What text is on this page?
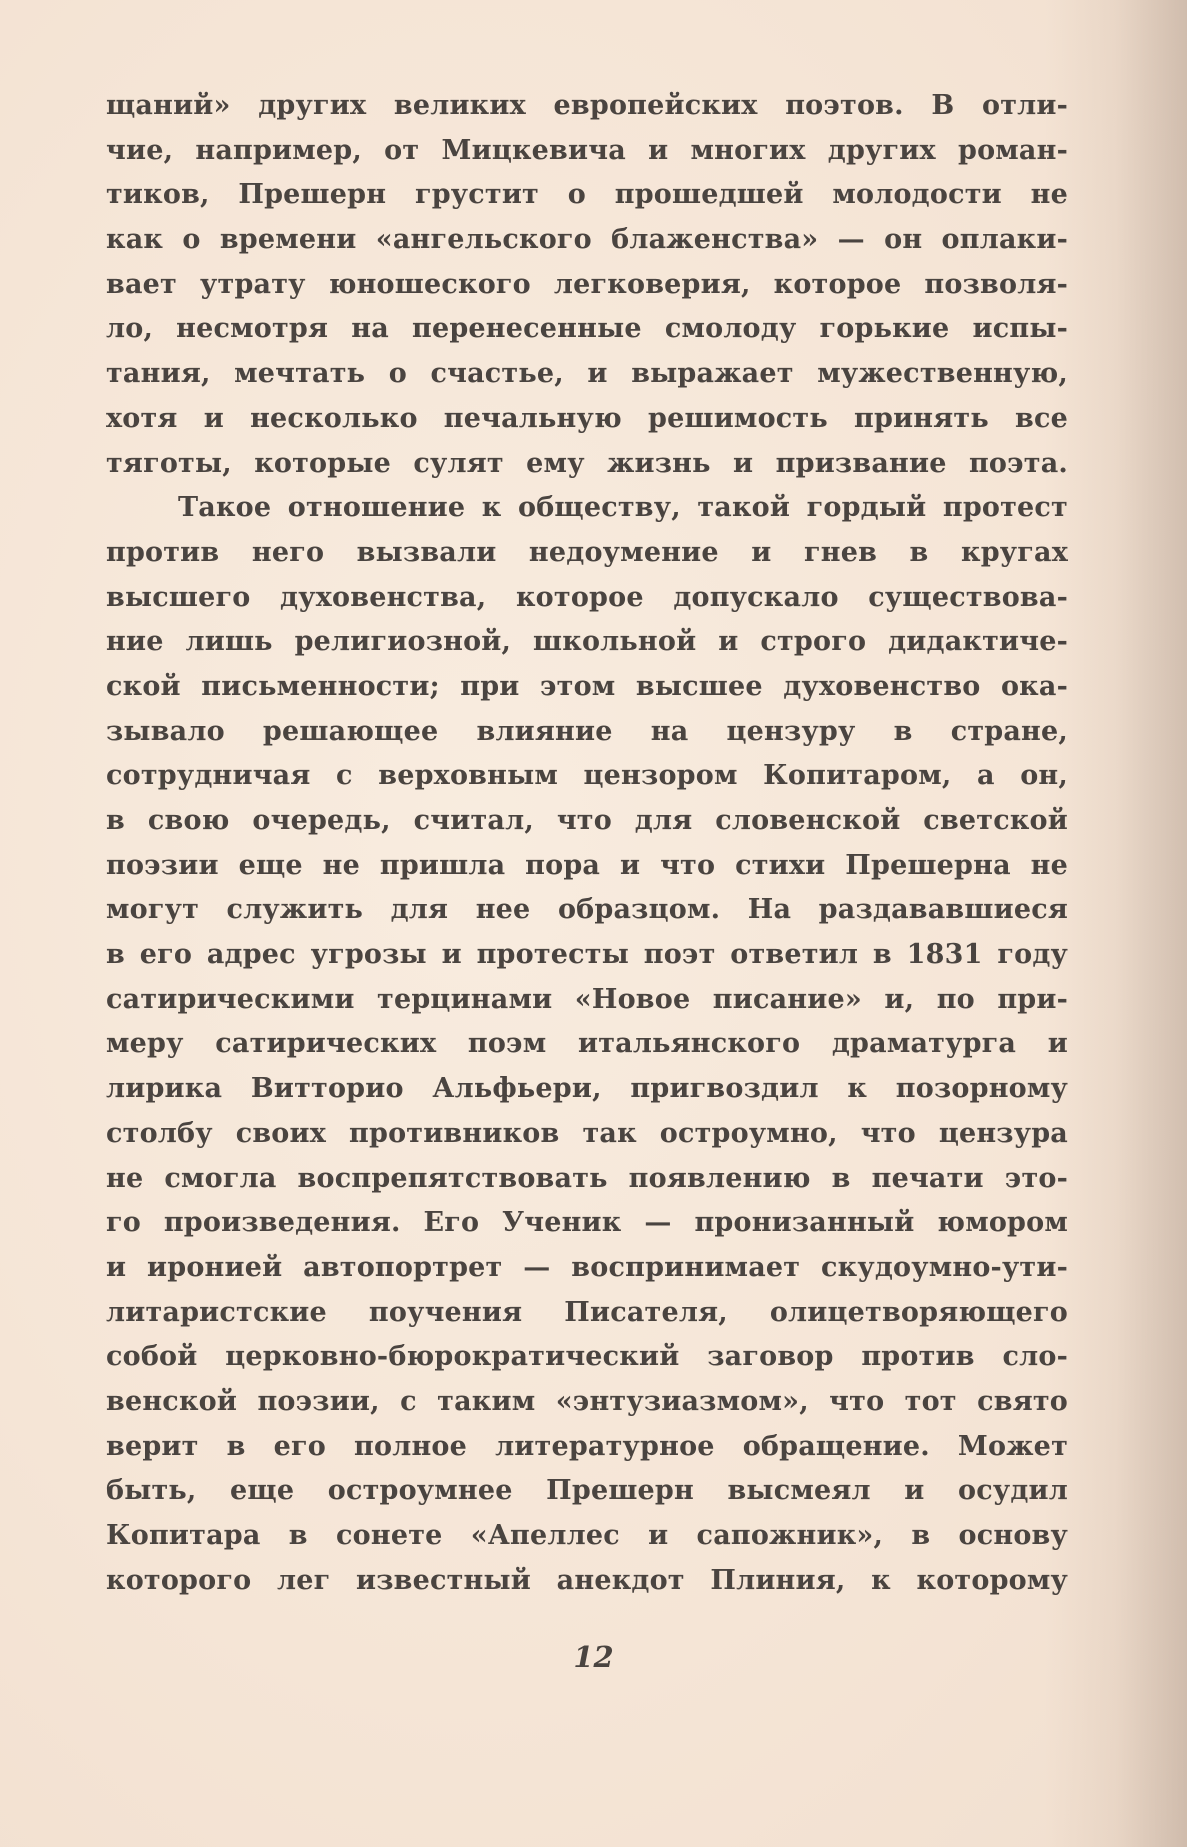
щаний» других великих европейских поэтов. В отли-
чие, например, от Мицкевича и многих других роман-
тиков, Прешерн грустит о прошедшей молодости не
как о времени «ангельского блаженства» — он оплаки-
вает утрату юношеского легковерия, которое позволя-
ло, несмотря на перенесенные смолоду горькие испы-
тания, мечтать о счастье, и выражает мужественную,
хотя и несколько печальную решимость принять все
тяготы, которые сулят ему жизнь и призвание поэта.
Такое отношение к обществу, такой гордый протест
против него вызвали недоумение и гнев в кругах
высшего духовенства, которое допускало существова-
ние лишь религиозной, школьной и строго дидактиче-
ской письменности; при этом высшее духовенство ока-
зывало решающее влияние на цензуру в стране,
сотрудничая с верховным цензором Копитаром, а он,
в свою очередь, считал, что для словенской светской
поэзии еще не пришла пора и что стихи Прешерна не
могут служить для нее образцом. На раздававшиеся
в его адрес угрозы и протесты поэт ответил в 1831 году
сатирическими терцинами «Новое писание» и, по при-
меру сатирических поэм итальянского драматурга и
лирика Витторио Альфьери, пригвоздил к позорному
столбу своих противников так остроумно, что цензура
не смогла воспрепятствовать появлению в печати это-
го произведения. Его Ученик — пронизанный юмором
и иронией автопортрет — воспринимает скудоумно-ути-
литаристские поучения Писателя, олицетворяющего
собой церковно-бюрократический заговор против сло-
венской поэзии, с таким «энтузиазмом», что тот свято
верит в его полное литературное обращение. Может
быть, еще остроумнее Прешерн высмеял и осудил
Копитара в сонете «Апеллес и сапожник», в основу
которого лег известный анекдот Плиния, к которому
12
